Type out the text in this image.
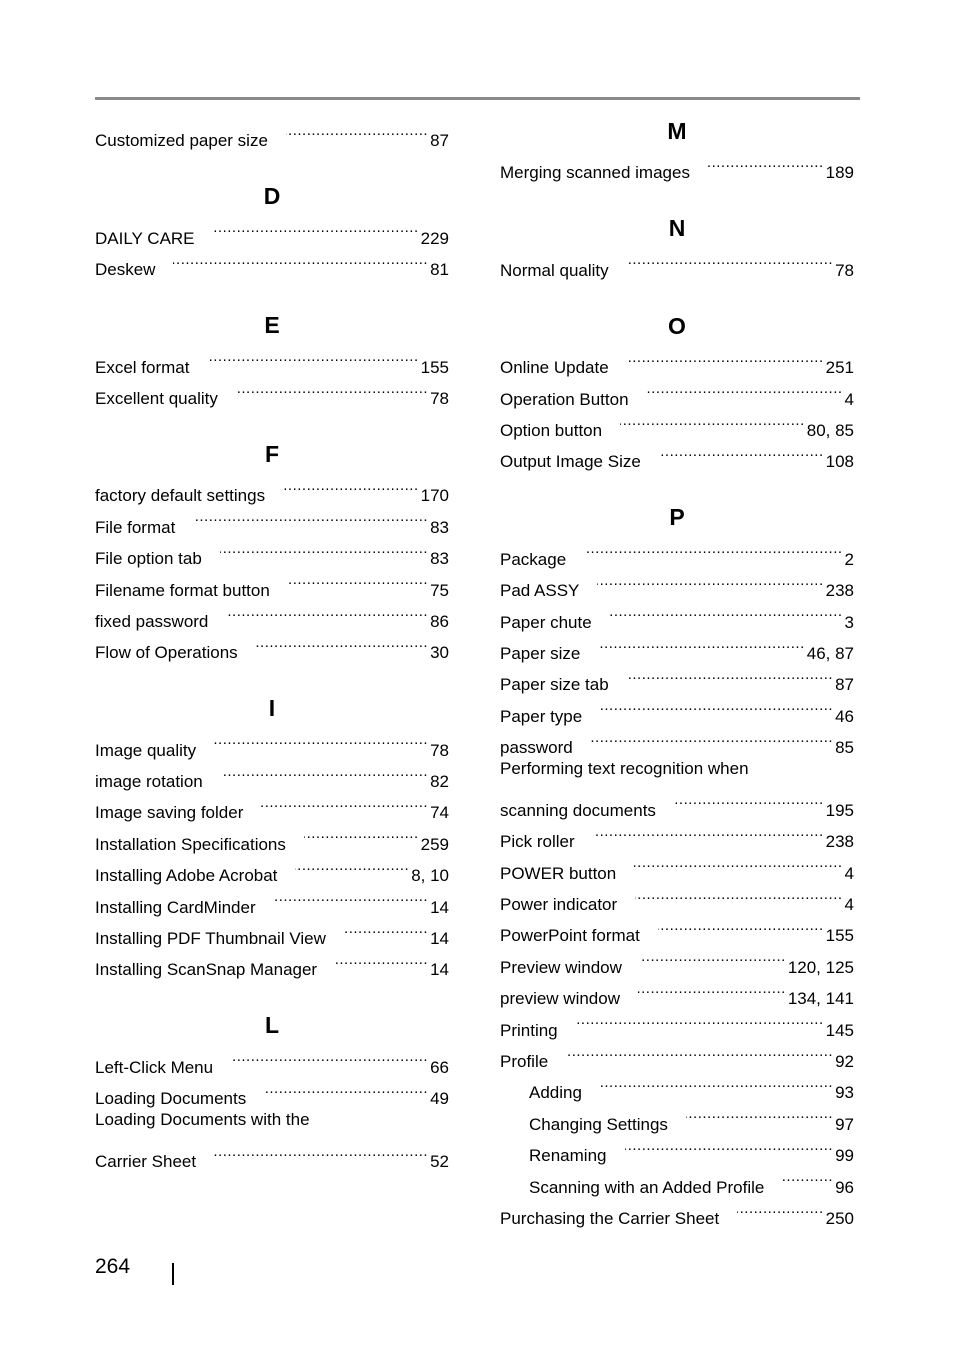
Customized paper size .....	87
D
DAILY CARE .....	229
Deskew .....	81
E
Excel format .....	155
Excellent quality .....	78
F
factory default settings .....	170
File format .....	83
File option tab .....	83
Filename format button .....	75
fixed password .....	86
Flow of Operations .....	30
I
Image quality .....	78
image rotation .....	82
Image saving folder .....	74
Installation Specifications .....	259
Installing Adobe Acrobat .....	8, 10
Installing CardMinder .....	14
Installing PDF Thumbnail View .....	14
Installing ScanSnap Manager .....	14
L
Left-Click Menu .....	66
Loading Documents .....	49
Loading Documents with the
Carrier Sheet .....	52
M
Merging scanned images .....	189
N
Normal quality .....	78
O
Online Update .....	251
Operation Button .....	4
Option button .....	80, 85
Output Image Size .....	108
P
Package .....	2
Pad ASSY .....	238
Paper chute .....	3
Paper size .....	46, 87
Paper size tab .....	87
Paper type .....	46
password .....	85
Performing text recognition when
scanning documents .....	195
Pick roller .....	238
POWER button .....	4
Power indicator .....	4
PowerPoint format .....	155
Preview window .....	120, 125
preview window .....	134, 141
Printing .....	145
Profile .....	92
Adding .....	93
Changing Settings .....	97
Renaming .....	99
Scanning with an Added Profile .....	96
Purchasing the Carrier Sheet .....	250
264
